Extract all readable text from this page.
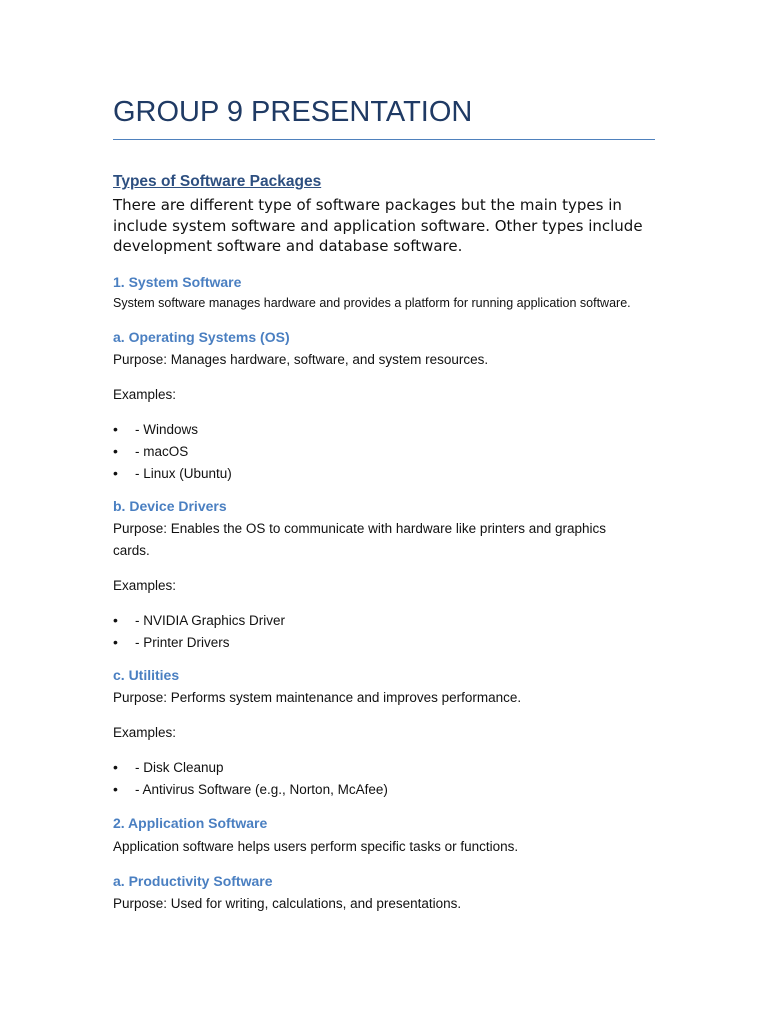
GROUP 9 PRESENTATION
Types of Software Packages
There are different type of software packages but the main types in include system software and application software. Other types include development software and database software.
1. System Software
System software manages hardware and provides a platform for running application software.
a. Operating Systems (OS)
Purpose: Manages hardware, software, and system resources.
Examples:
•- Windows
•- macOS
•- Linux (Ubuntu)
b. Device Drivers
Purpose: Enables the OS to communicate with hardware like printers and graphics cards.
Examples:
•- NVIDIA Graphics Driver
•- Printer Drivers
c. Utilities
Purpose: Performs system maintenance and improves performance.
Examples:
•- Disk Cleanup
•- Antivirus Software (e.g., Norton, McAfee)
2. Application Software
Application software helps users perform specific tasks or functions.
a. Productivity Software
Purpose: Used for writing, calculations, and presentations.
